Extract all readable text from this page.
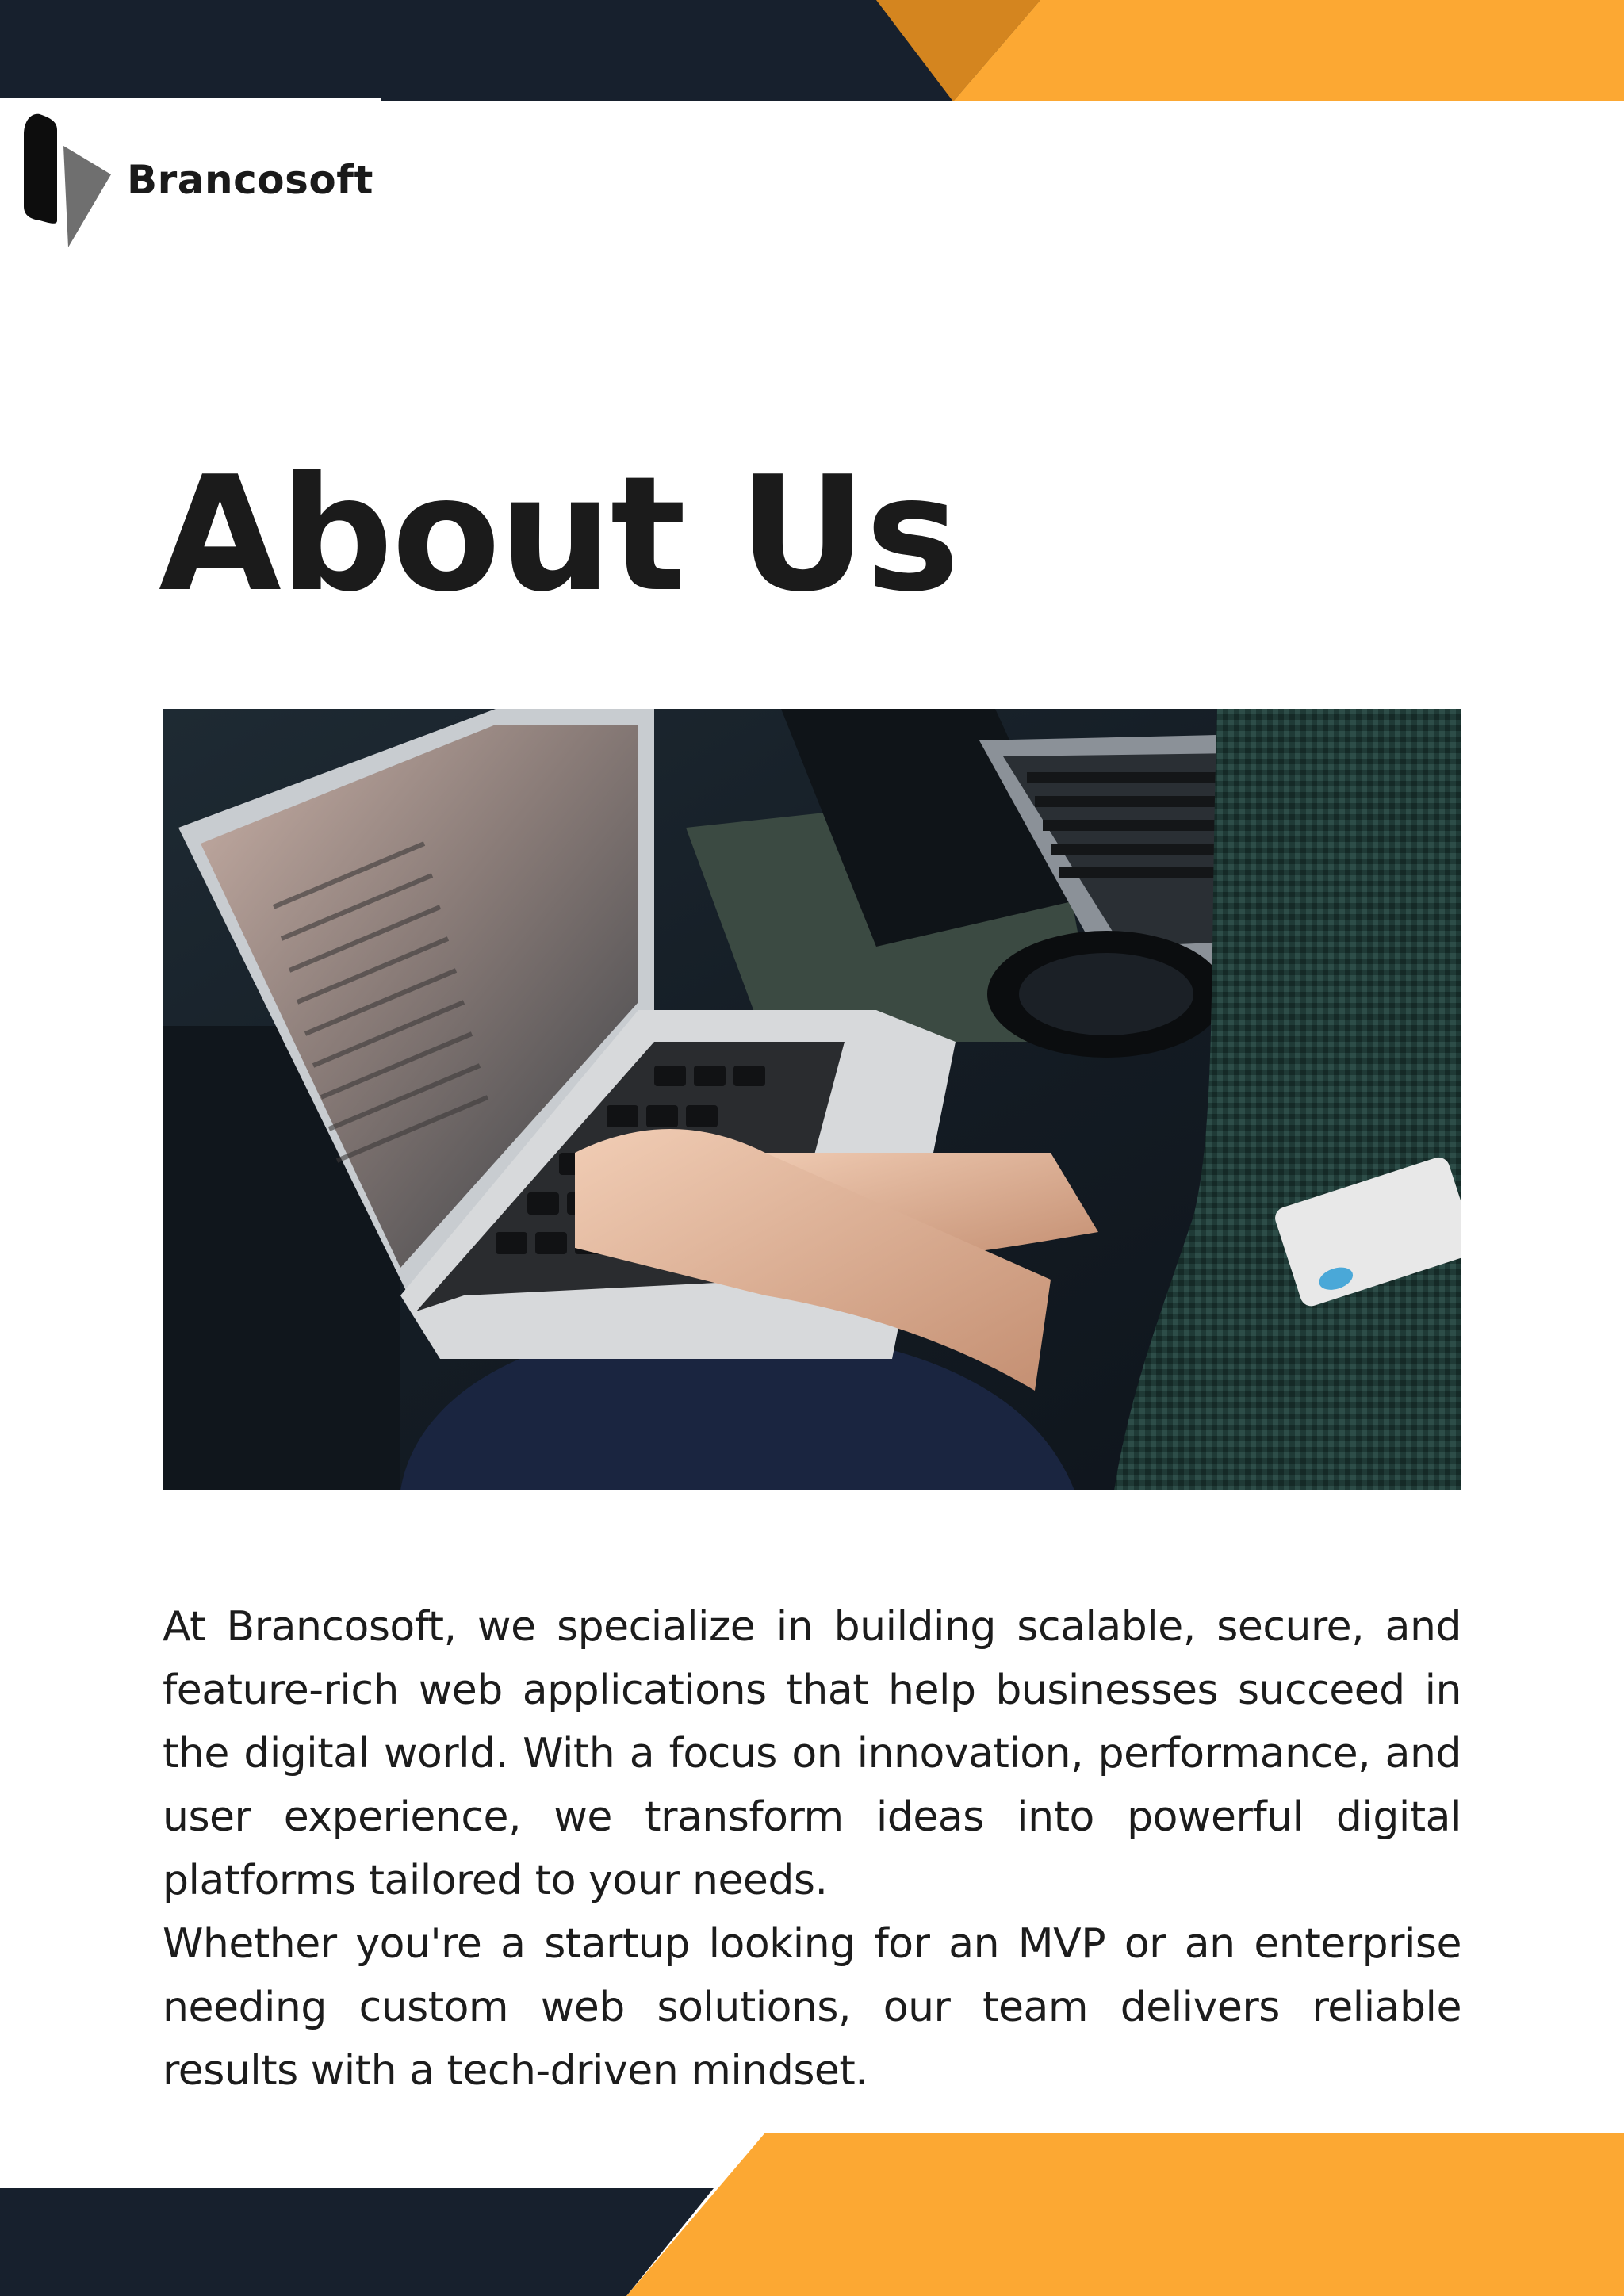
Brancosoft
About Us

At Brancosoft, we specialize in building scalable, secure, and feature-rich web applications that help businesses succeed in the digital world. With a focus on innovation, performance, and user experience, we transform ideas into powerful digital platforms tailored to your needs.

Whether you're a startup looking for an MVP or an enterprise needing custom web solutions, our team delivers reliable results with a tech-driven mindset.
